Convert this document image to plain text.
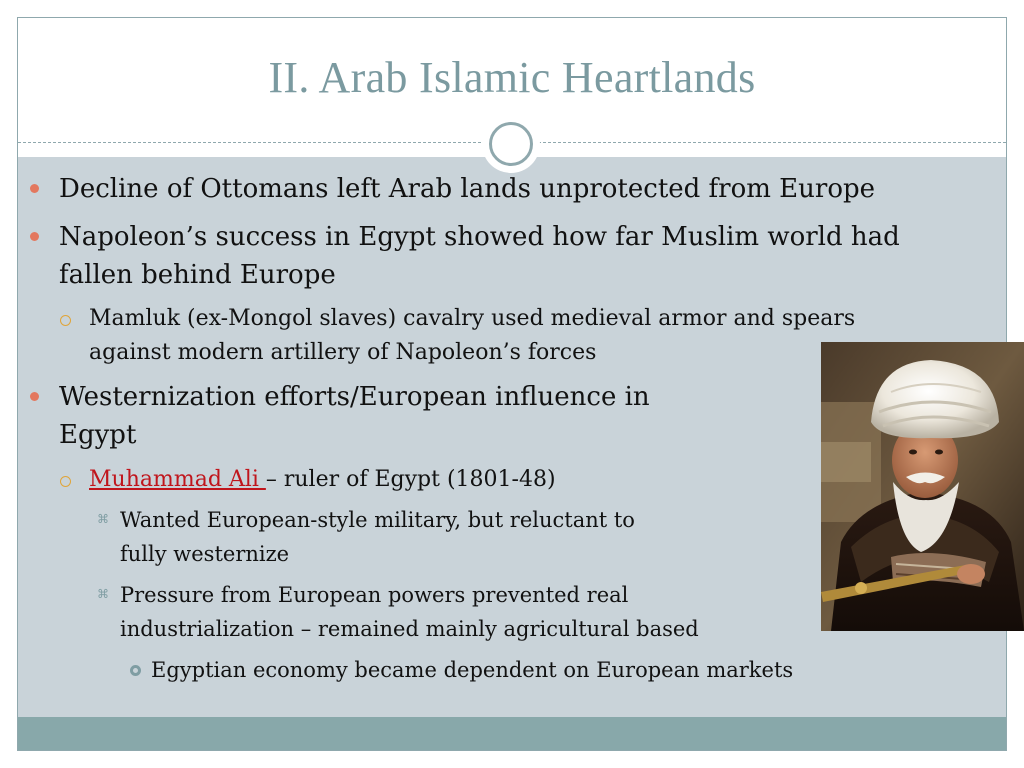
II. Arab Islamic Heartlands
Decline of Ottomans left Arab lands unprotected from Europe
Napoleon’s success in Egypt showed how far Muslim world had
fallen behind Europe
Mamluk (ex-Mongol slaves) cavalry used medieval armor and spears
against modern artillery of Napoleon’s forces
Westernization efforts/European influence in
Egypt
Muhammad Ali – ruler of Egypt (1801-48)
⌘ Wanted European-style military, but reluctant to
fully westernize
⌘ Pressure from European powers prevented real
industrialization – remained mainly agricultural based
Egyptian economy became dependent on European markets
